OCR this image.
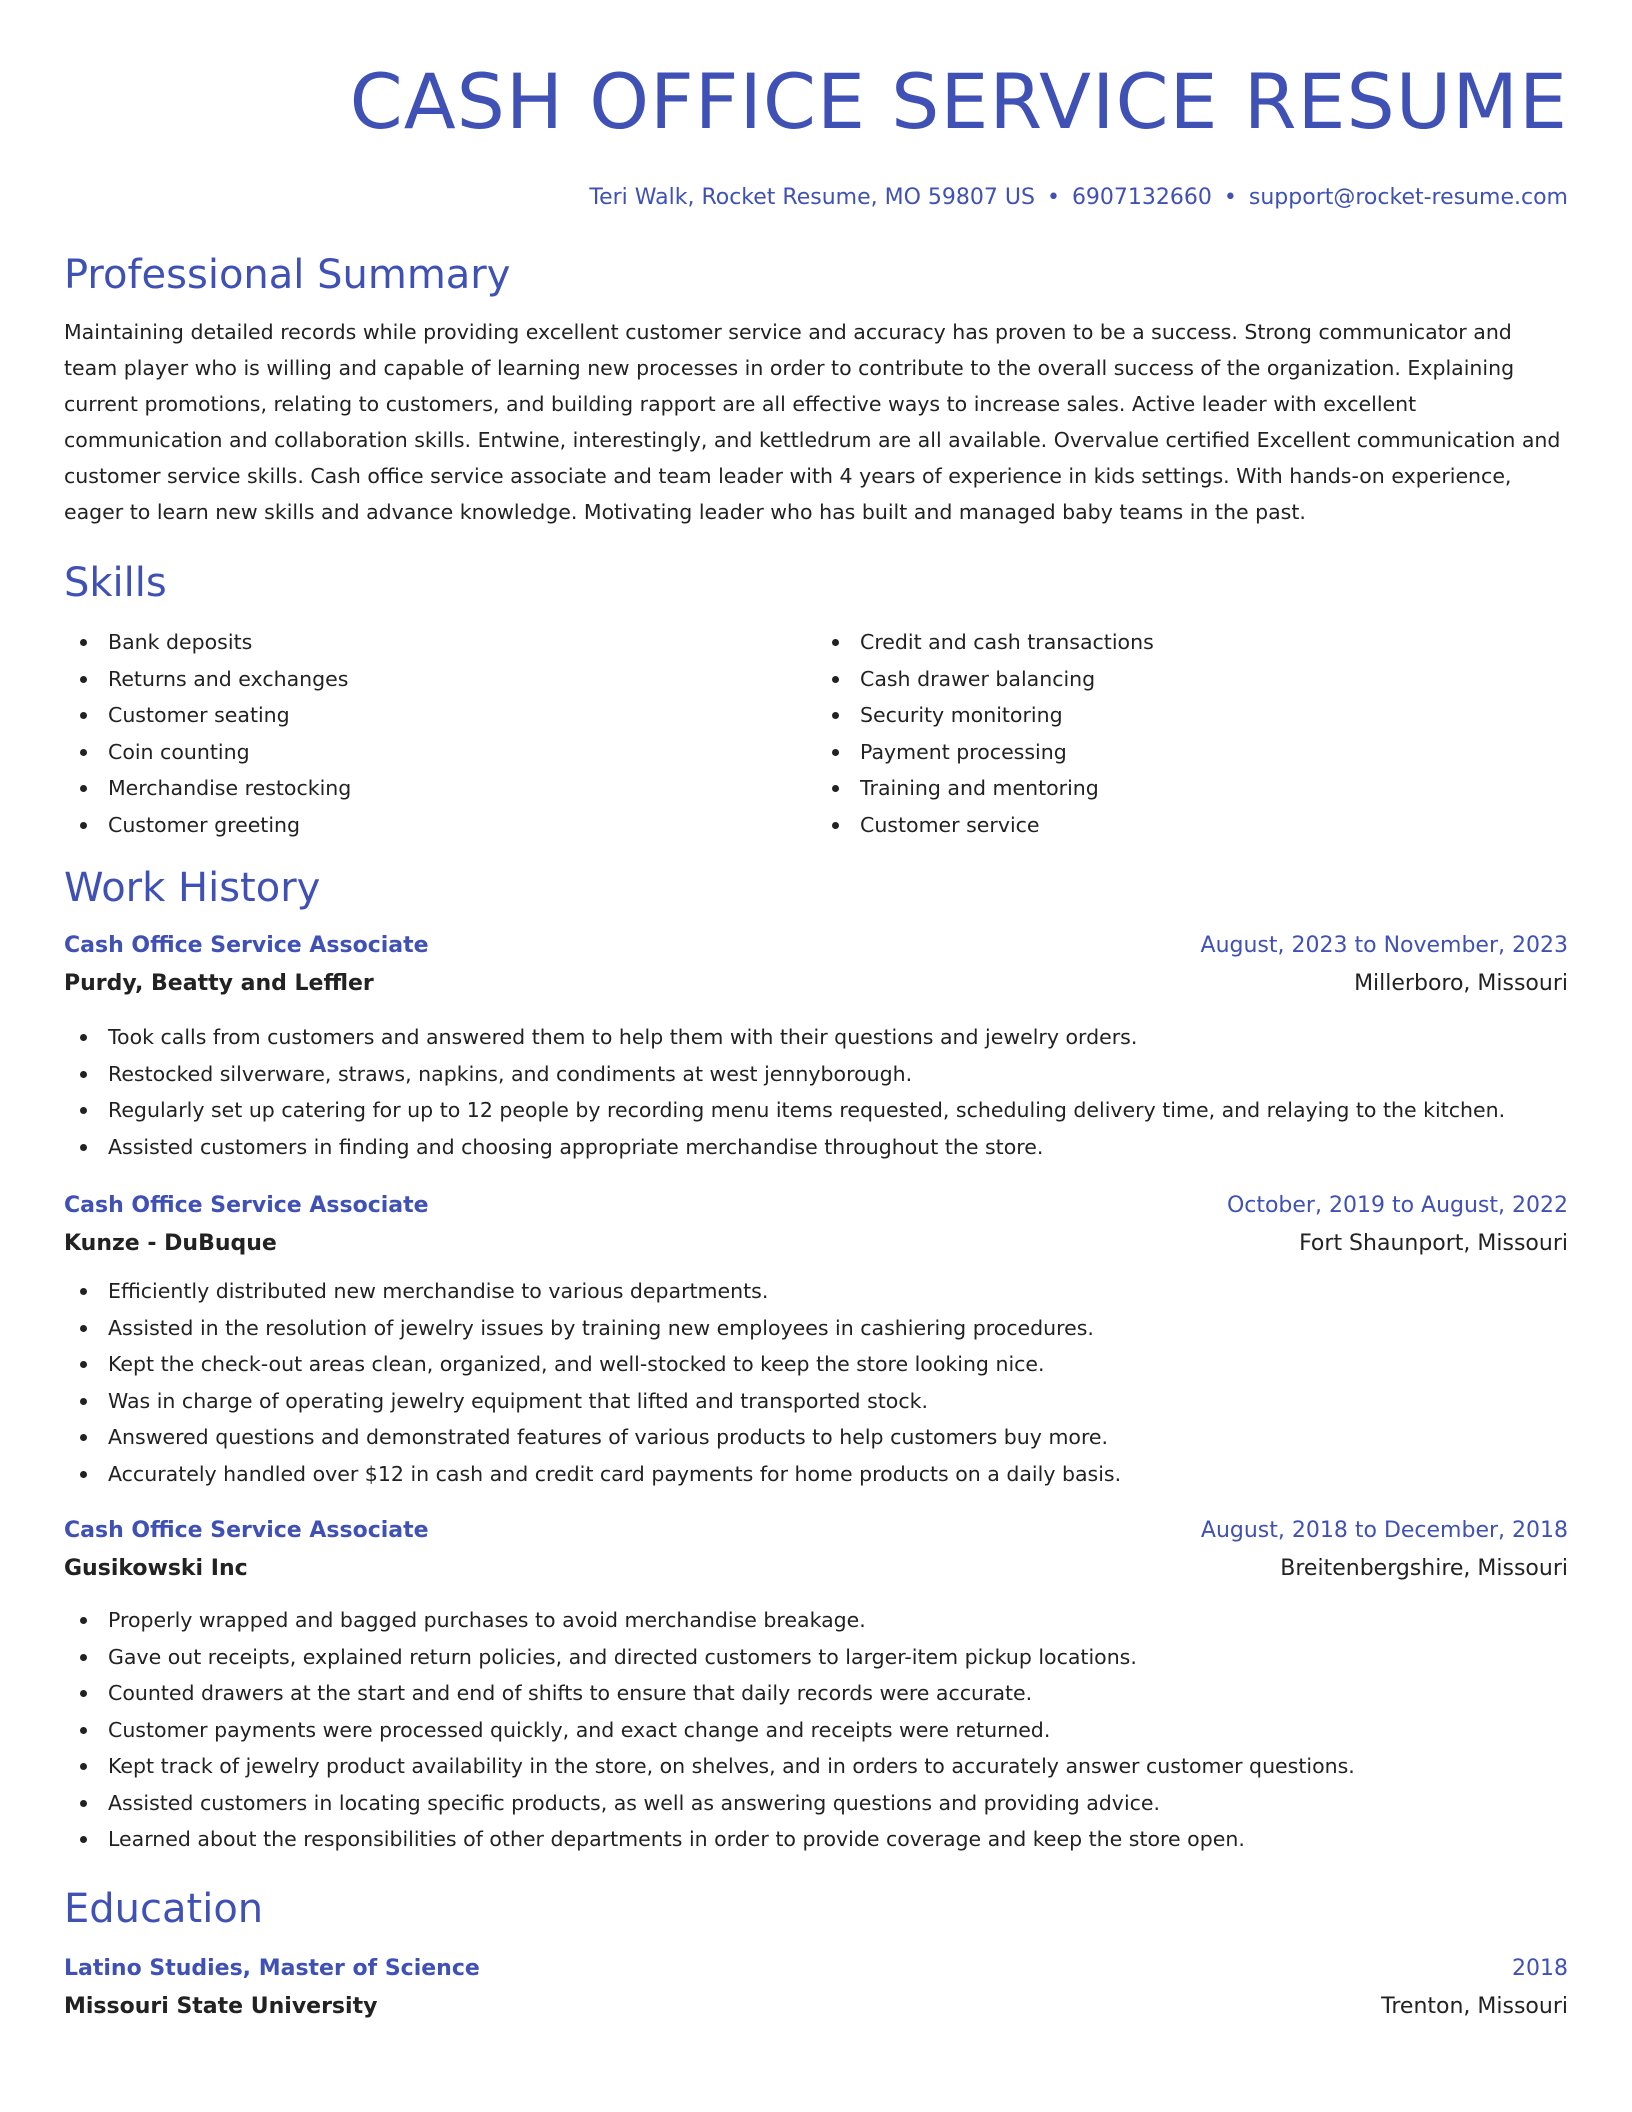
CASH OFFICE SERVICE RESUME
Teri Walk, Rocket Resume, MO 59807 US • 6907132660 • support@rocket-resume.com
Professional Summary

Maintaining detailed records while providing excellent customer service and accuracy has proven to be a success. Strong communicator and team player who is willing and capable of learning new processes in order to contribute to the overall success of the organization. Explaining current promotions, relating to customers, and building rapport are all effective ways to increase sales. Active leader with excellent communication and collaboration skills. Entwine, interestingly, and kettledrum are all available. Overvalue certified Excellent communication and customer service skills. Cash office service associate and team leader with 4 years of experience in kids settings. With hands-on experience, eager to learn new skills and advance knowledge. Motivating leader who has built and managed baby teams in the past.

Skills
Bank deposits
Returns and exchanges
Customer seating
Coin counting
Merchandise restocking
Customer greeting
Credit and cash transactions
Cash drawer balancing
Security monitoring
Payment processing
Training and mentoring
Customer service
Work History
Cash Office Service Associate	August, 2023 to November, 2023
Purdy, Beatty and Leffler	Millerboro, Missouri
Took calls from customers and answered them to help them with their questions and jewelry orders.
Restocked silverware, straws, napkins, and condiments at west jennyborough.
Regularly set up catering for up to 12 people by recording menu items requested, scheduling delivery time, and relaying to the kitchen.
Assisted customers in finding and choosing appropriate merchandise throughout the store.
Cash Office Service Associate	October, 2019 to August, 2022
Kunze - DuBuque	Fort Shaunport, Missouri
Efficiently distributed new merchandise to various departments.
Assisted in the resolution of jewelry issues by training new employees in cashiering procedures.
Kept the check-out areas clean, organized, and well-stocked to keep the store looking nice.
Was in charge of operating jewelry equipment that lifted and transported stock.
Answered questions and demonstrated features of various products to help customers buy more.
Accurately handled over $12 in cash and credit card payments for home products on a daily basis.
Cash Office Service Associate	August, 2018 to December, 2018
Gusikowski Inc	Breitenbergshire, Missouri
Properly wrapped and bagged purchases to avoid merchandise breakage.
Gave out receipts, explained return policies, and directed customers to larger-item pickup locations.
Counted drawers at the start and end of shifts to ensure that daily records were accurate.
Customer payments were processed quickly, and exact change and receipts were returned.
Kept track of jewelry product availability in the store, on shelves, and in orders to accurately answer customer questions.
Assisted customers in locating specific products, as well as answering questions and providing advice.
Learned about the responsibilities of other departments in order to provide coverage and keep the store open.
Education
Latino Studies, Master of Science	2018
Missouri State University	Trenton, Missouri
